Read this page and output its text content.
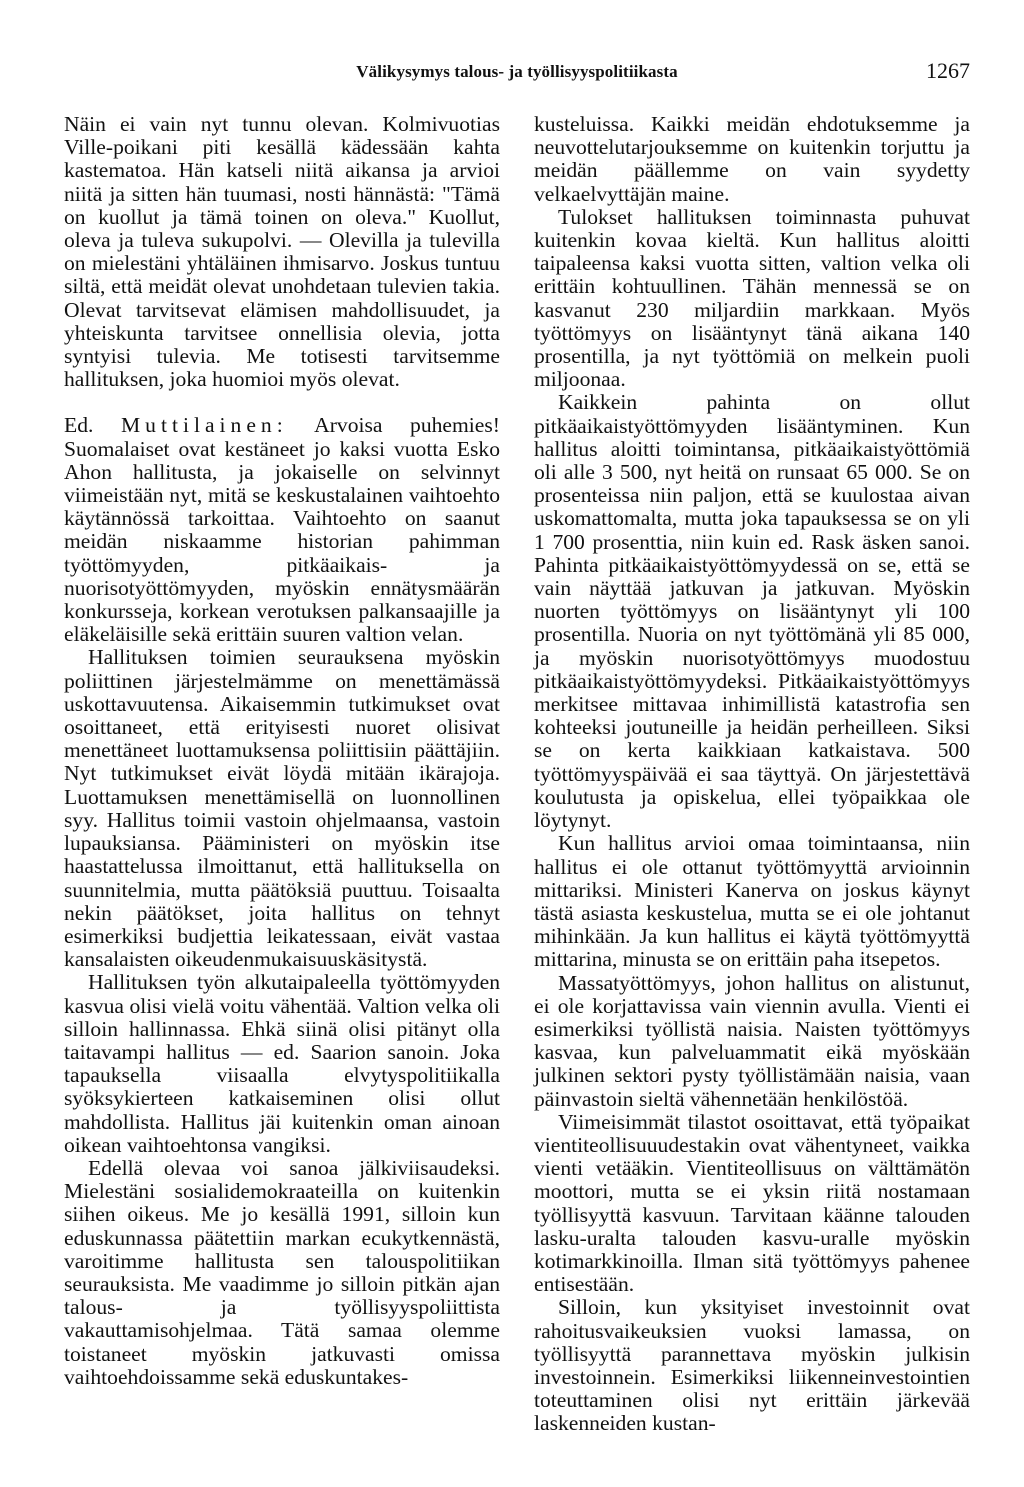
Välikysymys talous- ja työllisyyspolitiikasta	1267

Näin ei vain nyt tunnu olevan. Kolmivuotias Ville-poikani piti kesällä kädessään kahta kastematoa. Hän katseli niitä aikansa ja arvioi niitä ja sitten hän tuumasi, nosti hännästä: "Tämä on kuollut ja tämä toinen on oleva." Kuollut, oleva ja tuleva sukupolvi. — Olevilla ja tulevilla on mielestäni yhtäläinen ihmisarvo. Joskus tuntuu siltä, että meidät olevat unohdetaan tulevien takia. Olevat tarvitsevat elämisen mahdollisuudet, ja yhteiskunta tarvitsee onnellisia olevia, jotta syntyisi tulevia. Me totisesti tarvitsemme hallituksen, joka huomioi myös olevat.

Ed. Muttilainen: Arvoisa puhemies! Suomalaiset ovat kestäneet jo kaksi vuotta Esko Ahon hallitusta, ja jokaiselle on selvinnyt viimeistään nyt, mitä se keskustalainen vaihtoehto käytännössä tarkoittaa. Vaihtoehto on saanut meidän niskaamme historian pahimman työttömyyden, pitkäaikais- ja nuorisotyöttömyyden, myöskin ennätysmäärän konkursseja, korkean verotuksen palkansaajille ja eläkeläisille sekä erittäin suuren valtion velan.

Hallituksen toimien seurauksena myöskin poliittinen järjestelmämme on menettämässä uskottavuutensa. Aikaisemmin tutkimukset ovat osoittaneet, että erityisesti nuoret olisivat menettäneet luottamuksensa poliittisiin päättäjiin. Nyt tutkimukset eivät löydä mitään ikärajoja. Luottamuksen menettämisellä on luonnollinen syy. Hallitus toimii vastoin ohjelmaansa, vastoin lupauksiansa. Pääministeri on myöskin itse haastattelussa ilmoittanut, että hallituksella on suunnitelmia, mutta päätöksiä puuttuu. Toisaalta nekin päätökset, joita hallitus on tehnyt esimerkiksi budjettia leikatessaan, eivät vastaa kansalaisten oikeudenmukaisuuskäsitystä.

Hallituksen työn alkutaipaleella työttömyyden kasvua olisi vielä voitu vähentää. Valtion velka oli silloin hallinnassa. Ehkä siinä olisi pitänyt olla taitavampi hallitus — ed. Saarion sanoin. Joka tapauksella viisaalla elvytyspolitiikalla syöksykierteen katkaiseminen olisi ollut mahdollista. Hallitus jäi kuitenkin oman ainoan oikean vaihtoehtonsa vangiksi.

Edellä olevaa voi sanoa jälkiviisaudeksi. Mielestäni sosialidemokraateilla on kuitenkin siihen oikeus. Me jo kesällä 1991, silloin kun eduskunnassa päätettiin markan ecukytkennästä, varoitimme hallitusta sen talouspolitiikan seurauksista. Me vaadimme jo silloin pitkän ajan talous- ja työllisyyspoliittista vakauttamisohjelmaa. Tätä samaa olemme toistaneet myöskin jatkuvasti omissa vaihtoehdoissamme sekä eduskuntakes-

kusteluissa. Kaikki meidän ehdotuksemme ja neuvottelutarjouksemme on kuitenkin torjuttu ja meidän päällemme on vain syydetty velkaelvyttäjän maine.

Tulokset hallituksen toiminnasta puhuvat kuitenkin kovaa kieltä. Kun hallitus aloitti taipaleensa kaksi vuotta sitten, valtion velka oli erittäin kohtuullinen. Tähän mennessä se on kasvanut 230 miljardiin markkaan. Myös työttömyys on lisääntynyt tänä aikana 140 prosentilla, ja nyt työttömiä on melkein puoli miljoonaa.

Kaikkein pahinta on ollut pitkäaikaistyöttömyyden lisääntyminen. Kun hallitus aloitti toimintansa, pitkäaikaistyöttömiä oli alle 3 500, nyt heitä on runsaat 65 000. Se on prosenteissa niin paljon, että se kuulostaa aivan uskomattomalta, mutta joka tapauksessa se on yli 1 700 prosenttia, niin kuin ed. Rask äsken sanoi. Pahinta pitkäaikaistyöttömyydessä on se, että se vain näyttää jatkuvan ja jatkuvan. Myöskin nuorten työttömyys on lisääntynyt yli 100 prosentilla. Nuoria on nyt työttömänä yli 85 000, ja myöskin nuorisotyöttömyys muodostuu pitkäaikaistyöttömyydeksi. Pitkäaikaistyöttömyys merkitsee mittavaa inhimillistä katastrofia sen kohteeksi joutuneille ja heidän perheilleen. Siksi se on kerta kaikkiaan katkaistava. 500 työttömyyspäivää ei saa täyttyä. On järjestettävä koulutusta ja opiskelua, ellei työpaikkaa ole löytynyt.

Kun hallitus arvioi omaa toimintaansa, niin hallitus ei ole ottanut työttömyyttä arvioinnin mittariksi. Ministeri Kanerva on joskus käynyt tästä asiasta keskustelua, mutta se ei ole johtanut mihinkään. Ja kun hallitus ei käytä työttömyyttä mittarina, minusta se on erittäin paha itsepetos.

Massatyöttömyys, johon hallitus on alistunut, ei ole korjattavissa vain viennin avulla. Vienti ei esimerkiksi työllistä naisia. Naisten työttömyys kasvaa, kun palveluammatit eikä myöskään julkinen sektori pysty työllistämään naisia, vaan päinvastoin sieltä vähennetään henkilöstöä.

Viimeisimmät tilastot osoittavat, että työpaikat vientiteollisuuudestakin ovat vähentyneet, vaikka vienti vetääkin. Vientiteollisuus on välttämätön moottori, mutta se ei yksin riitä nostamaan työllisyyttä kasvuun. Tarvitaan käänne talouden lasku-uralta talouden kasvu-uralle myöskin kotimarkkinoilla. Ilman sitä työttömyys pahenee entisestään.

Silloin, kun yksityiset investoinnit ovat rahoitusvaikeuksien vuoksi lamassa, on työllisyyttä parannettava myöskin julkisin investoinnein. Esimerkiksi liikenneinvestointien toteuttaminen olisi nyt erittäin järkevää laskenneiden kustan-
